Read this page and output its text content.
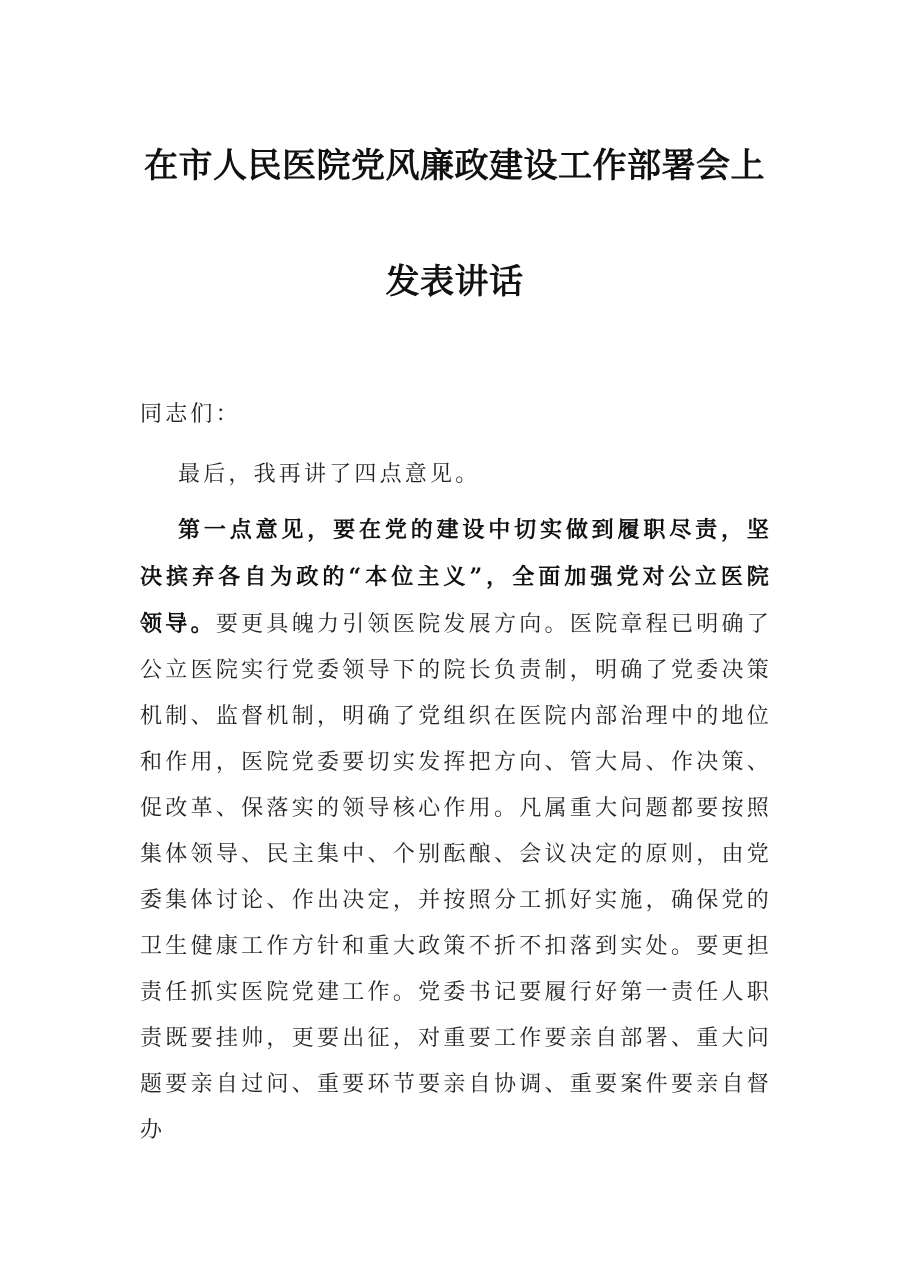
在市人民医院党风廉政建设工作部署会上
发表讲话
同志们：
最后，我再讲了四点意见。
第一点意见，要在党的建设中切实做到履职尽责，坚决摈弃各自为政的“本位主义”，全面加强党对公立医院领导。要更具魄力引领医院发展方向。医院章程已明确了公立医院实行党委领导下的院长负责制，明确了党委决策机制、监督机制，明确了党组织在医院内部治理中的地位和作用，医院党委要切实发挥把方向、管大局、作决策、促改革、保落实的领导核心作用。凡属重大问题都要按照集体领导、民主集中、个别酝酿、会议决定的原则，由党委集体讨论、作出决定，并按照分工抓好实施，确保党的卫生健康工作方针和重大政策不折不扣落到实处。要更担责任抓实医院党建工作。党委书记要履行好第一责任人职责既要挂帅，更要出征，对重要工作要亲自部署、重大问题要亲自过问、重要环节要亲自协调、重要案件要亲自督办
